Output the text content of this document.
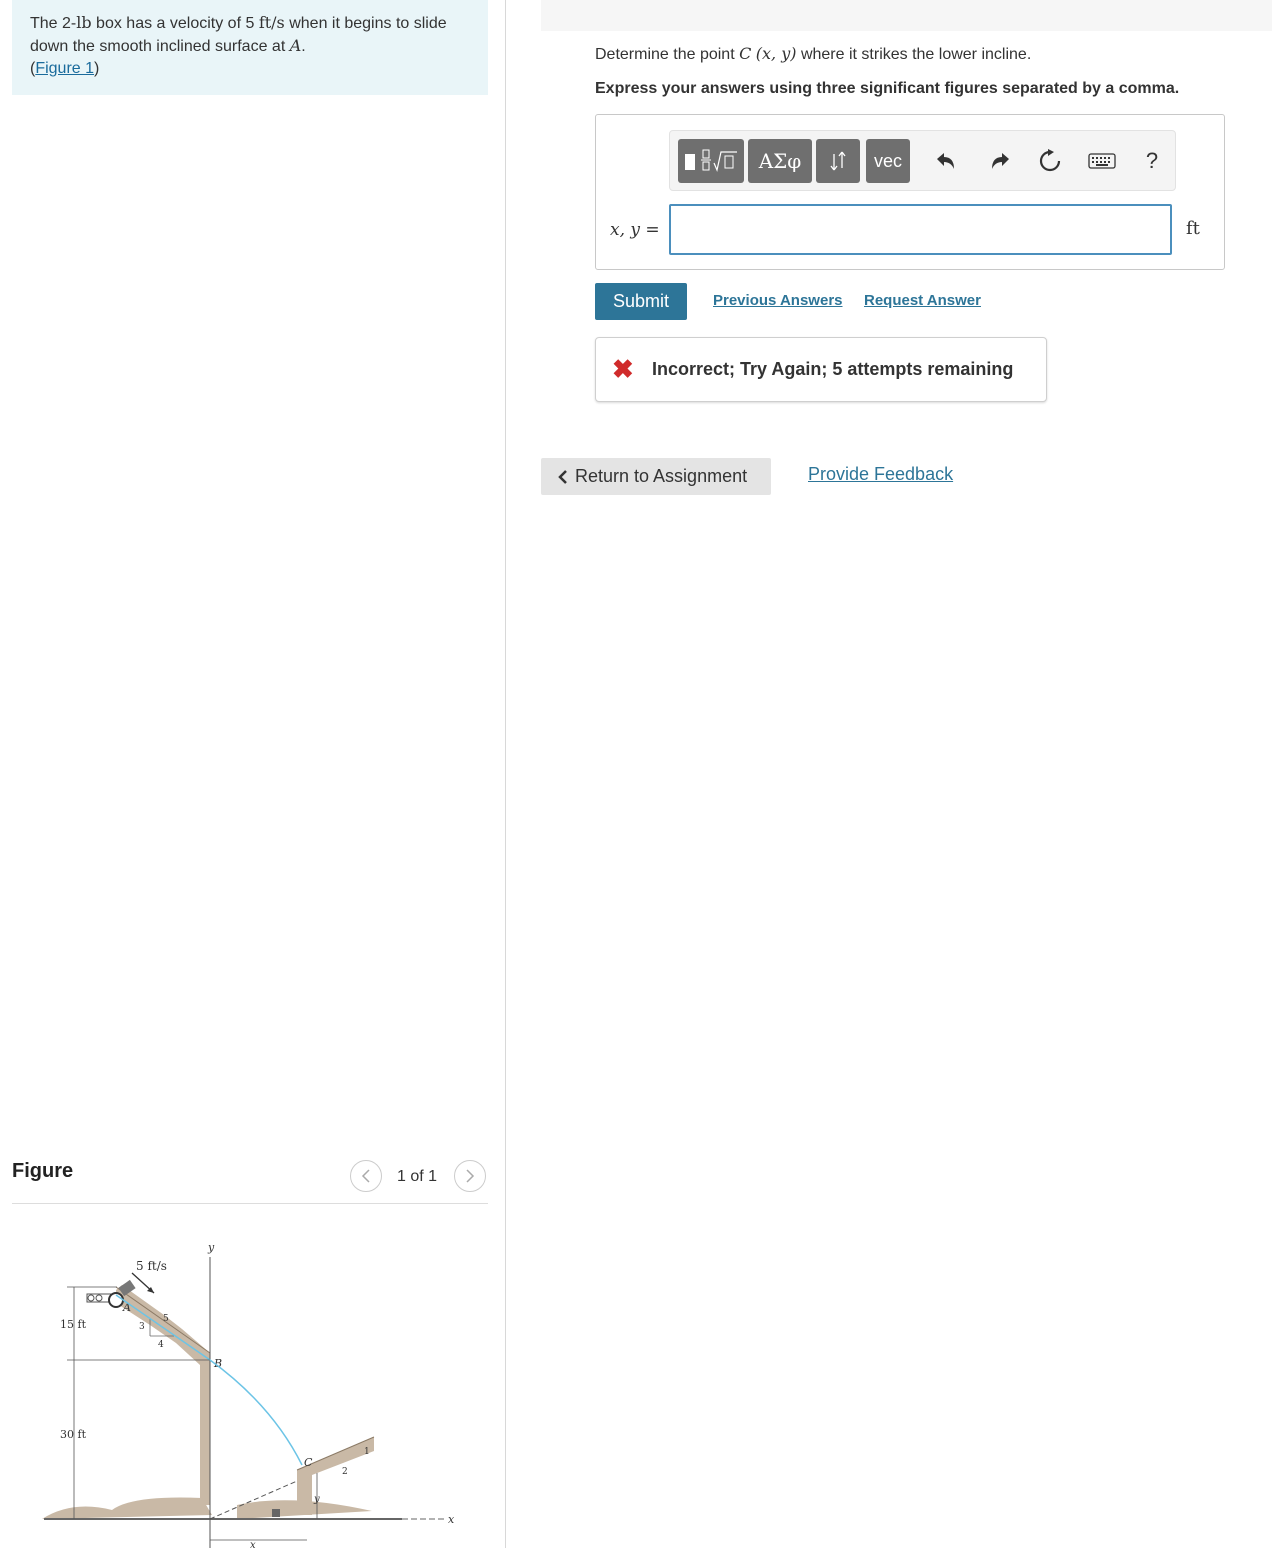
The 2-lb box has a velocity of 5 ft/s when it begins to slide down the smooth inclined surface at A.
(Figure 1)
Figure	1 of 1
x
5 ft/s
3
4
5
A
B
y
C
2
1
y
x
15 ft
30 ft
Determine the point C (x, y) where it strikes the lower incline.
Express your answers using three significant figures separated by a comma.
ΑΣφ	vec	?
x, y =	ft
Submit	Previous Answers Request Answer
✖ Incorrect; Try Again; 5 attempts remaining
Return to Assignment	Provide Feedback
